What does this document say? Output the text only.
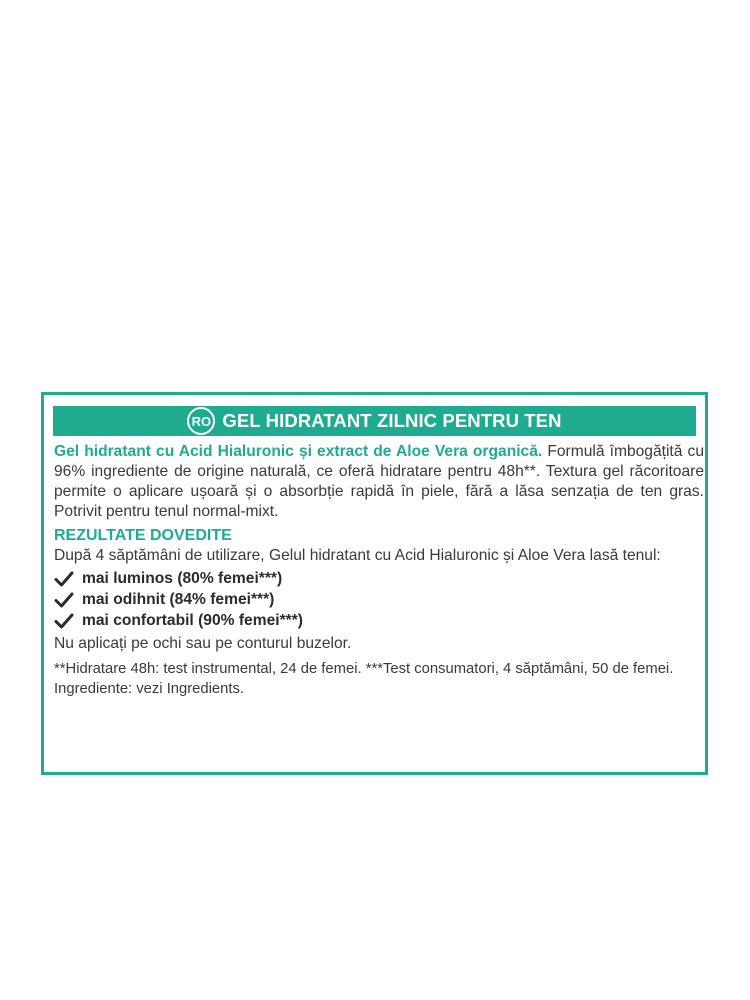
RO GEL HIDRATANT ZILNIC PENTRU TEN

Gel hidratant cu Acid Hialuronic și extract de Aloe Vera organică. Formulă îmbogățită cu 96% ingrediente de origine naturală, ce oferă hidratare pentru 48h**. Textura gel răcoritoare permite o aplicare ușoară și o absorbție rapidă în piele, fără a lăsa senzația de ten gras. Potrivit pentru tenul normal-mixt.

REZULTATE DOVEDITE

După 4 săptămâni de utilizare, Gelul hidratant cu Acid Hialuronic și Aloe Vera lasă tenul:

mai luminos (80% femei***)
mai odihnit (84% femei***)
mai confortabil (90% femei***)

Nu aplicați pe ochi sau pe conturul buzelor.

**Hidratare 48h: test instrumental, 24 de femei. ***Test consumatori, 4 săptămâni, 50 de femei.
Ingrediente: vezi Ingredients.
